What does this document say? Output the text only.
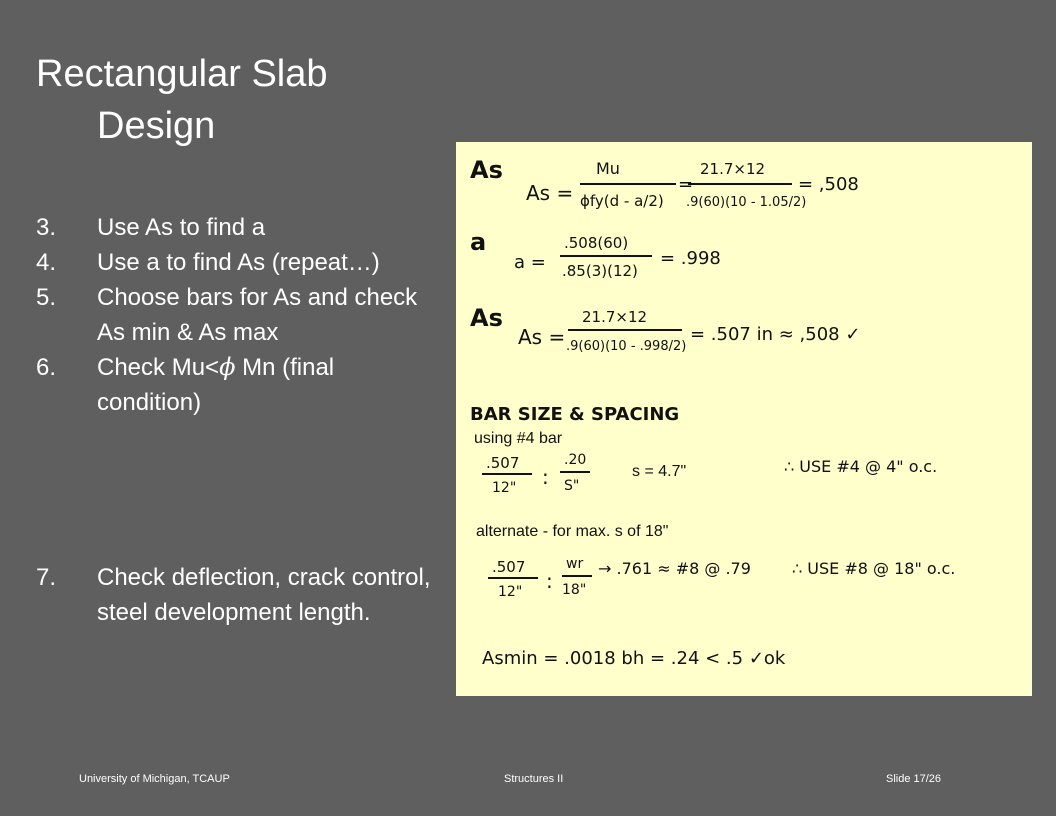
Rectangular Slab
Design
3. Use As to find a
4. Use a to find As (repeat…)
5. Choose bars for As and check As min & As max
6. Check Mu<ϕ Mn (final condition)
7. Check deflection, crack control, steel development length.
As
As =
Mu
ϕfy(d - a/2)
=
21.7×12
.9(60)(10 - 1.05/2)
= ,508
a
a =
.508(60)
.85(3)(12)
= .998
As
As =
21.7×12
.9(60)(10 - .998/2)
= .507 in ≈ ,508 ✓
BAR SIZE & SPACING
using #4 bar
.507
12" :
.20
S"
s = 4.7"	∴ USE #4 @ 4" o.c.
alternate - for max. s of 18"
.507
12" :
wr
18"
→ .761 ≈ #8 @ .79	∴ USE #8 @ 18" o.c.
Asmin = .0018 bh = .24 < .5 ✓ok
University of Michigan, TCAUP	Structures II	Slide 17/26
